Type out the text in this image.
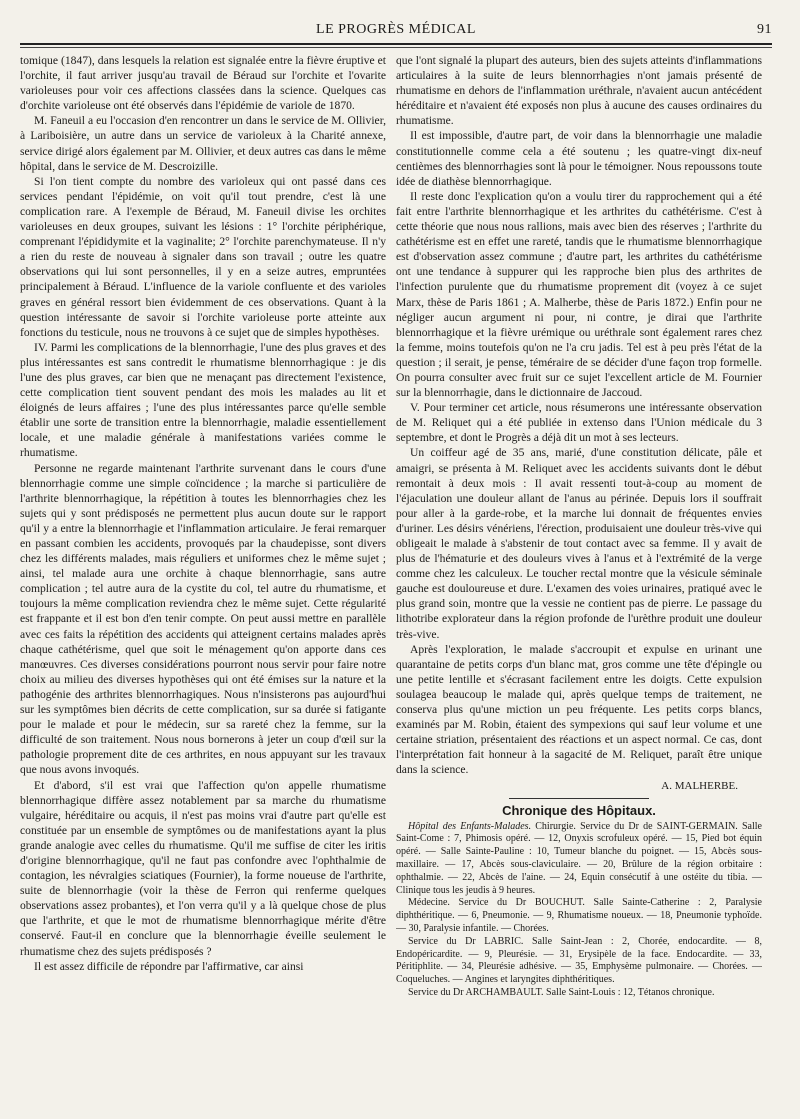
LE PROGRÈS MÉDICAL	91

tomique (1847), dans lesquels la relation est signalée entre la fièvre éruptive et l'orchite, il faut arriver jusqu'au travail de Béraud sur l'orchite et l'ovarite varioleuses pour voir ces affections classées dans la science. Quelques cas d'orchite varioleuse ont été observés dans l'épidémie de variole de 1870.

M. Faneuil a eu l'occasion d'en rencontrer un dans le service de M. Ollivier, à Lariboisière, un autre dans un service de varioleux à la Charité annexe, service dirigé alors également par M. Ollivier, et deux autres cas dans le même hôpital, dans le service de M. Descroizille.

Si l'on tient compte du nombre des varioleux qui ont passé dans ces services pendant l'épidémie, on voit qu'il tout prendre, c'est là une complication rare. A l'exemple de Béraud, M. Faneuil divise les orchites varioleuses en deux groupes, suivant les lésions : 1° l'orchite périphérique, comprenant l'épididymite et la vaginalite; 2° l'orchite parenchymateuse. Il n'y a rien du reste de nouveau à signaler dans son travail ; outre les quatre observations qui lui sont personnelles, il y en a seize autres, empruntées principalement à Béraud. L'influence de la variole confluente et des varioles graves en général ressort bien évidemment de ces observations. Quant à la question intéressante de savoir si l'orchite varioleuse porte atteinte aux fonctions du testicule, nous ne trouvons à ce sujet que de simples hypothèses.

IV. Parmi les complications de la blennorrhagie, l'une des plus graves et des plus intéressantes est sans contredit le rhumatisme blennorrhagique : je dis l'une des plus graves, car bien que ne menaçant pas directement l'existence, cette complication tient souvent pendant des mois les malades au lit et éloignés de leurs affaires ; l'une des plus intéressantes parce qu'elle semble établir une sorte de transition entre la blennorrhagie, maladie essentiellement locale, et une maladie générale à manifestations variées comme le rhumatisme.

Personne ne regarde maintenant l'arthrite survenant dans le cours d'une blennorrhagie comme une simple coïncidence ; la marche si particulière de l'arthrite blennorrhagique, la répétition à toutes les blennorrhagies chez les sujets qui y sont prédisposés ne permettent plus aucun doute sur le rapport qu'il y a entre la blennorrhagie et l'inflammation articulaire. Je ferai remarquer en passant combien les accidents, provoqués par la chaudepisse, sont divers chez les différents malades, mais réguliers et uniformes chez le même sujet ; ainsi, tel malade aura une orchite à chaque blennorrhagie, sans autre complication ; tel autre aura de la cystite du col, tel autre du rhumatisme, et toujours la même complication reviendra chez le même sujet. Cette régularité est frappante et il est bon d'en tenir compte. On peut aussi mettre en parallèle avec ces faits la répétition des accidents qui atteignent certains malades après chaque cathétérisme, quel que soit le ménagement qu'on apporte dans ces manœuvres. Ces diverses considérations pourront nous servir pour faire notre choix au milieu des diverses hypothèses qui ont été émises sur la nature et la pathogénie des arthrites blennorrhagiques. Nous n'insisterons pas aujourd'hui sur les symptômes bien décrits de cette complication, sur sa durée si fatigante pour le malade et pour le médecin, sur sa rareté chez la femme, sur la difficulté de son traitement. Nous nous bornerons à jeter un coup d'œil sur la pathologie proprement dite de ces arthrites, en nous appuyant sur les travaux que nous avons invoqués.

Et d'abord, s'il est vrai que l'affection qu'on appelle rhumatisme blennorrhagique diffère assez notablement par sa marche du rhumatisme vulgaire, héréditaire ou acquis, il n'est pas moins vrai d'autre part qu'elle est constituée par un ensemble de symptômes ou de manifestations ayant la plus grande analogie avec celles du rhumatisme. Qu'il me suffise de citer les iritis d'origine blennorrhagique, qu'il ne faut pas confondre avec l'ophthalmie de contagion, les névralgies sciatiques (Fournier), la forme noueuse de l'arthrite, suite de blennorrhagie (voir la thèse de Ferron qui renferme quelques observations assez probantes), et l'on verra qu'il y a là quelque chose de plus que l'arthrite, et que le mot de rhumatisme blennorrhagique mérite d'être conservé. Faut-il en conclure que la blennorrhagie éveille seulement le rhumatisme chez des sujets prédisposés ?

Il est assez difficile de répondre par l'affirmative, car ainsi

que l'ont signalé la plupart des auteurs, bien des sujets atteints d'inflammations articulaires à la suite de leurs blennorrhagies n'ont jamais présenté de rhumatisme en dehors de l'inflammation uréthrale, n'avaient aucun antécédent héréditaire et n'avaient été exposés non plus à aucune des causes ordinaires du rhumatisme.

Il est impossible, d'autre part, de voir dans la blennorrhagie une maladie constitutionnelle comme cela a été soutenu ; les quatre-vingt dix-neuf centièmes des blennorrhagies sont là pour le témoigner. Nous repoussons toute idée de diathèse blennorrhagique.

Il reste donc l'explication qu'on a voulu tirer du rapprochement qui a été fait entre l'arthrite blennorrhagique et les arthrites du cathétérisme. C'est à cette théorie que nous nous rallions, mais avec bien des réserves ; l'arthrite du cathétérisme est en effet une rareté, tandis que le rhumatisme blennorrhagique est d'observation assez commune ; d'autre part, les arthrites du cathétérisme ont une tendance à suppurer qui les rapproche bien plus des arthrites de l'infection purulente que du rhumatisme proprement dit (voyez à ce sujet Marx, thèse de Paris 1861 ; A. Malherbe, thèse de Paris 1872.) Enfin pour ne négliger aucun argument ni pour, ni contre, je dirai que l'arthrite blennorrhagique et la fièvre urémique ou uréthrale sont également rares chez la femme, moins toutefois qu'on ne l'a cru jadis. Tel est à peu près l'état de la question ; il serait, je pense, téméraire de se décider d'une façon trop formelle. On pourra consulter avec fruit sur ce sujet l'excellent article de M. Fournier sur la blennorrhagie, dans le dictionnaire de Jaccoud.

V. Pour terminer cet article, nous résumerons une intéressante observation de M. Reliquet qui a été publiée in extenso dans l'Union médicale du 3 septembre, et dont le Progrès a déjà dit un mot à ses lecteurs.

Un coiffeur agé de 35 ans, marié, d'une constitution délicate, pâle et amaigri, se présenta à M. Reliquet avec les accidents suivants dont le début remontait à deux mois : Il avait ressenti tout-à-coup au moment de l'éjaculation une douleur allant de l'anus au périnée. Depuis lors il souffrait pour aller à la garde-robe, et la marche lui donnait de fréquentes envies d'uriner. Les désirs vénériens, l'érection, produisaient une douleur très-vive qui obligeait le malade à s'abstenir de tout contact avec sa femme. Il y avait de plus de l'hématurie et des douleurs vives à l'anus et à l'extrémité de la verge comme chez les calculeux. Le toucher rectal montre que la vésicule séminale gauche est douloureuse et dure. L'examen des voies urinaires, pratiqué avec le plus grand soin, montre que la vessie ne contient pas de pierre. Le passage du lithotribe explorateur dans la région profonde de l'urèthre produit une douleur très-vive.

Après l'exploration, le malade s'accroupit et expulse en urinant une quarantaine de petits corps d'un blanc mat, gros comme une tête d'épingle ou une petite lentille et s'écrasant facilement entre les doigts. Cette expulsion soulagea beaucoup le malade qui, après quelque temps de traitement, ne conserva plus qu'une miction un peu fréquente. Les petits corps blancs, examinés par M. Robin, étaient des sympexions qui sauf leur volume et une certaine striation, présentaient des réactions et un aspect normal. Ce cas, dont l'interprétation fait honneur à la sagacité de M. Reliquet, paraît être unique dans la science.

A. MALHERBE.
Chronique des Hôpitaux.

Hôpital des Enfants-Malades. Chirurgie. Service du Dr de SAINT-GERMAIN. Salle Saint-Come : 7, Phimosis opéré. — 12, Onyxis scrofuleux opéré. — 15, Pied bot équin opéré. — Salle Sainte-Pauline : 10, Tumeur blanche du poignet. — 15, Abcès sous-maxillaire. — 17, Abcès sous-claviculaire. — 20, Brûlure de la région orbitaire : ophthalmie. — 22, Abcès de l'aine. — 24, Equin consécutif à une ostéite du tibia. — Clinique tous les jeudis à 9 heures.

Médecine. Service du Dr BOUCHUT. Salle Sainte-Catherine : 2, Paralysie diphthéritique. — 6, Pneumonie. — 9, Rhumatisme noueux. — 18, Pneumonie typhoïde. — 30, Paralysie infantile. — Chorées.

Service du Dr LABRIC. Salle Saint-Jean : 2, Chorée, endocardite. — 8, Endopéricardite. — 9, Pleurésie. — 31, Erysipèle de la face. Endocardite. — 33, Péritiphlite. — 34, Pleurésie adhésive. — 35, Emphysème pulmonaire. — Chorées. — Coqueluches. — Angines et laryngites diphthéritiques.

Service du Dr ARCHAMBAULT. Salle Saint-Louis : 12, Tétanos chronique.
